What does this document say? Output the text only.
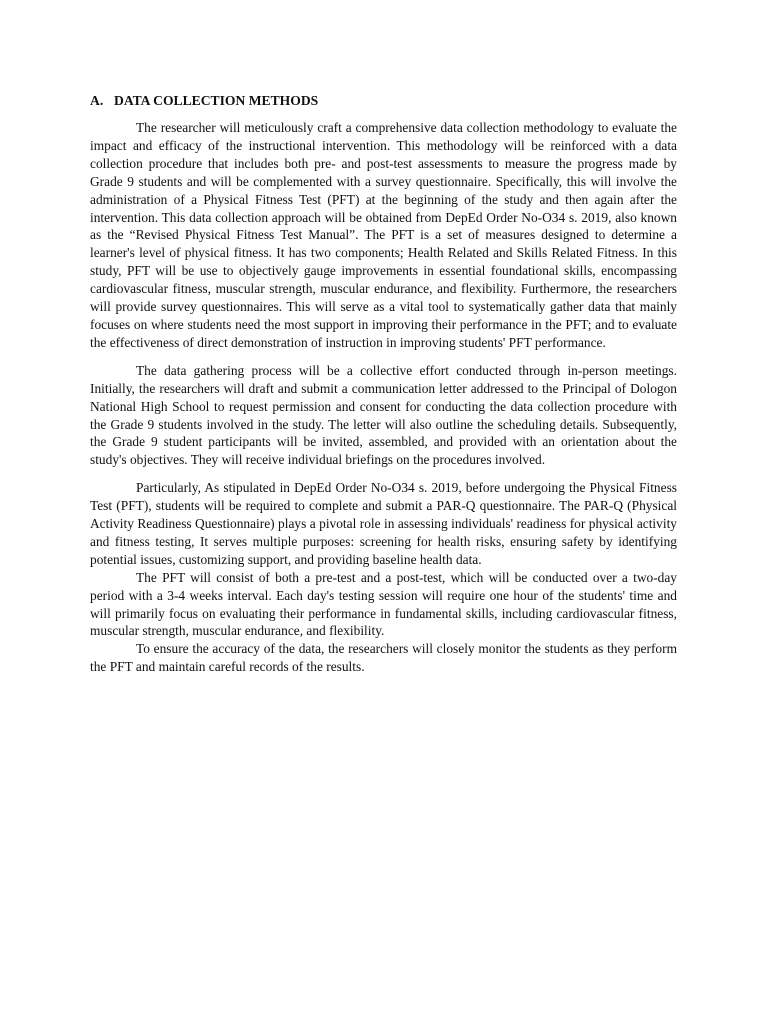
A. DATA COLLECTION METHODS

The researcher will meticulously craft a comprehensive data collection methodology to evaluate the impact and efficacy of the instructional intervention. This methodology will be reinforced with a data collection procedure that includes both pre- and post-test assessments to measure the progress made by Grade 9 students and will be complemented with a survey questionnaire. Specifically, this will involve the administration of a Physical Fitness Test (PFT) at the beginning of the study and then again after the intervention. This data collection approach will be obtained from DepEd Order No-O34 s. 2019, also known as the “Revised Physical Fitness Test Manual”. The PFT is a set of measures designed to determine a learner's level of physical fitness. It has two components; Health Related and Skills Related Fitness. In this study, PFT will be use to objectively gauge improvements in essential foundational skills, encompassing cardiovascular fitness, muscular strength, muscular endurance, and flexibility. Furthermore, the researchers will provide survey questionnaires. This will serve as a vital tool to systematically gather data that mainly focuses on where students need the most support in improving their performance in the PFT; and to evaluate the effectiveness of direct demonstration of instruction in improving students' PFT performance.

The data gathering process will be a collective effort conducted through in-person meetings. Initially, the researchers will draft and submit a communication letter addressed to the Principal of Dologon National High School to request permission and consent for conducting the data collection procedure with the Grade 9 students involved in the study. The letter will also outline the scheduling details. Subsequently, the Grade 9 student participants will be invited, assembled, and provided with an orientation about the study's objectives. They will receive individual briefings on the procedures involved.

Particularly, As stipulated in DepEd Order No-O34 s. 2019, before undergoing the Physical Fitness Test (PFT), students will be required to complete and submit a PAR-Q questionnaire. The PAR-Q (Physical Activity Readiness Questionnaire) plays a pivotal role in assessing individuals' readiness for physical activity and fitness testing, It serves multiple purposes: screening for health risks, ensuring safety by identifying potential issues, customizing support, and providing baseline health data.

The PFT will consist of both a pre-test and a post-test, which will be conducted over a two-day period with a 3-4 weeks interval. Each day's testing session will require one hour of the students' time and will primarily focus on evaluating their performance in fundamental skills, including cardiovascular fitness, muscular strength, muscular endurance, and flexibility.

To ensure the accuracy of the data, the researchers will closely monitor the students as they perform the PFT and maintain careful records of the results.
